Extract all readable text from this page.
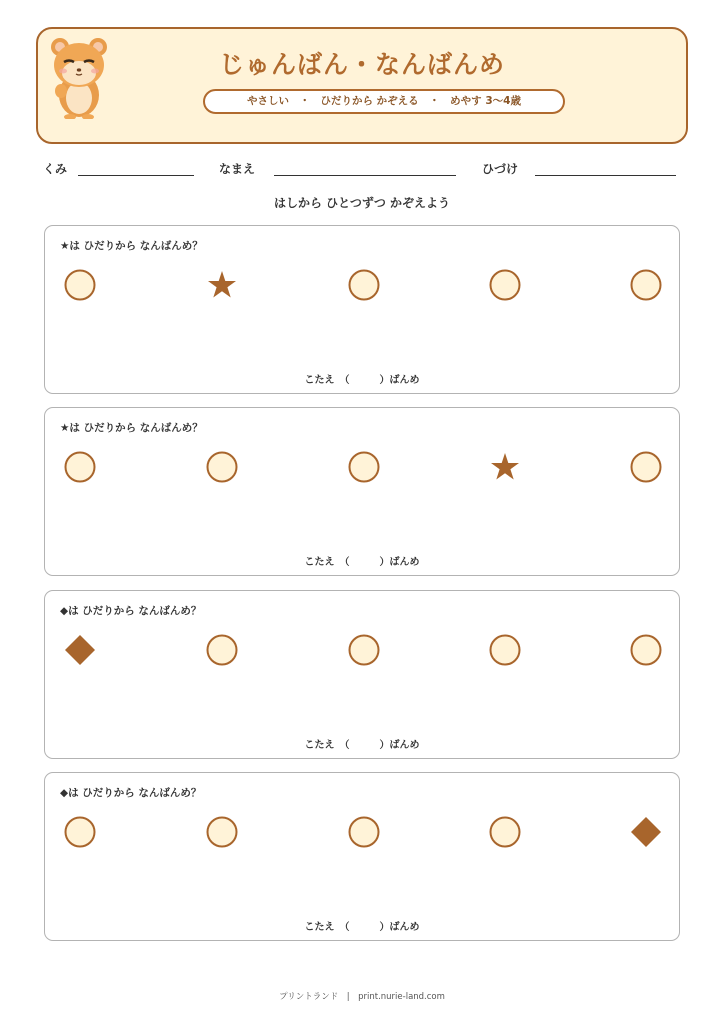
じゅんばん・なんばんめ
やさしい　・　ひだりから かぞえる　・　めやす 3〜4歳
くみ	なまえ	ひづけ
はしから ひとつずつ かぞえよう
★は ひだりから なんばんめ？
こたえ　（　　　）ばんめ
★は ひだりから なんばんめ？
こたえ　（　　　）ばんめ
◆は ひだりから なんばんめ？
こたえ　（　　　）ばんめ
◆は ひだりから なんばんめ？
こたえ　（　　　）ばんめ
プリントランド　|　print.nurie-land.com
